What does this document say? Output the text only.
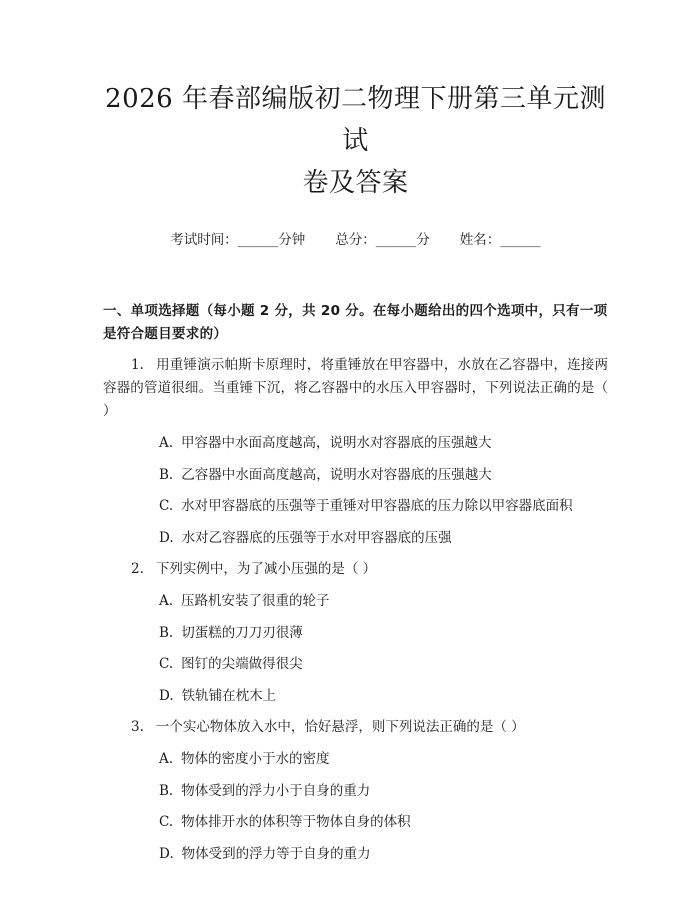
2026 年春部编版初二物理下册第三单元测试
卷及答案
考试时间：______分钟 总分：______分 姓名：______
一、单项选择题（每小题 2 分，共 20 分。在每小题给出的四个选项中，只有一项
是符合题目要求的）

1. 用重锤演示帕斯卡原理时，将重锤放在甲容器中，水放在乙容器中，连接两容器的管道很细。当重锤下沉，将乙容器中的水压入甲容器时，下列说法正确的是（ ）

A. 甲容器中水面高度越高，说明水对容器底的压强越大
B. 乙容器中水面高度越高，说明水对容器底的压强越大
C. 水对甲容器底的压强等于重锤对甲容器底的压力除以甲容器底面积
D. 水对乙容器底的压强等于水对甲容器底的压强

2. 下列实例中，为了减小压强的是（ ）

A. 压路机安装了很重的轮子
B. 切蛋糕的刀刀刃很薄
C. 图钉的尖端做得很尖
D. 铁轨铺在枕木上

3. 一个实心物体放入水中，恰好悬浮，则下列说法正确的是（ ）

A. 物体的密度小于水的密度
B. 物体受到的浮力小于自身的重力
C. 物体排开水的体积等于物体自身的体积
D. 物体受到的浮力等于自身的重力
